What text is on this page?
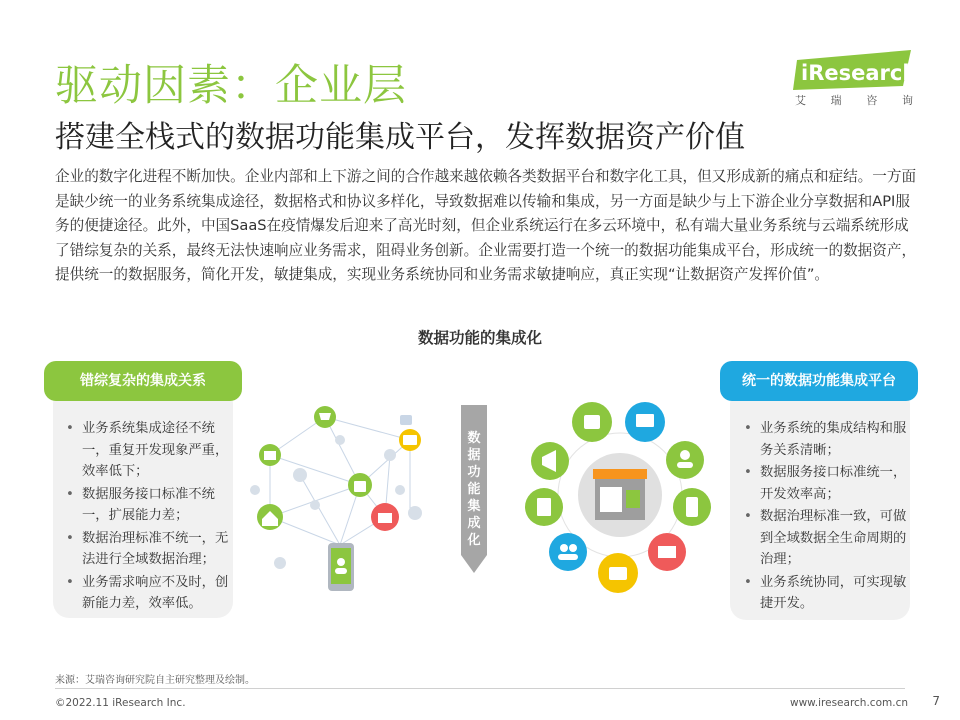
驱动因素：企业层
搭建全栈式的数据功能集成平台，发挥数据资产价值
iResearch
艾 瑞 咨 询
企业的数字化进程不断加快。企业内部和上下游之间的合作越来越依赖各类数据平台和数字化工具，但又形成新的痛点和症结。一方面是缺少统一的业务系统集成途径，数据格式和协议多样化，导致数据难以传输和集成，另一方面是缺少与上下游企业分享数据和API服务的便捷途径。此外，中国SaaS在疫情爆发后迎来了高光时刻，但企业系统运行在多云环境中，私有端大量业务系统与云端系统形成了错综复杂的关系，最终无法快速响应业务需求，阻碍业务创新。企业需要打造一个统一的数据功能集成平台，形成统一的数据资产，提供统一的数据服务，简化开发，敏捷集成，实现业务系统协同和业务需求敏捷响应，真正实现“让数据资产发挥价值”。
数据功能的集成化
错综复杂的集成关系
• 业务系统集成途径不统一，重复开发现象严重，效率低下；
• 数据服务接口标准不统一，扩展能力差；
• 数据治理标准不统一，无法进行全域数据治理；
• 业务需求响应不及时，创新能力差，效率低。
统一的数据功能集成平台
• 业务系统的集成结构和服务关系清晰；
• 数据服务接口标准统一，开发效率高；
• 数据治理标准一致，可做到全域数据全生命周期的治理；
• 业务系统协同，可实现敏捷开发。
数
据
功
能
集
成
化
来源：艾瑞咨询研究院自主研究整理及绘制。
©2022.11 iResearch Inc.	www.iresearch.com.cn 7
